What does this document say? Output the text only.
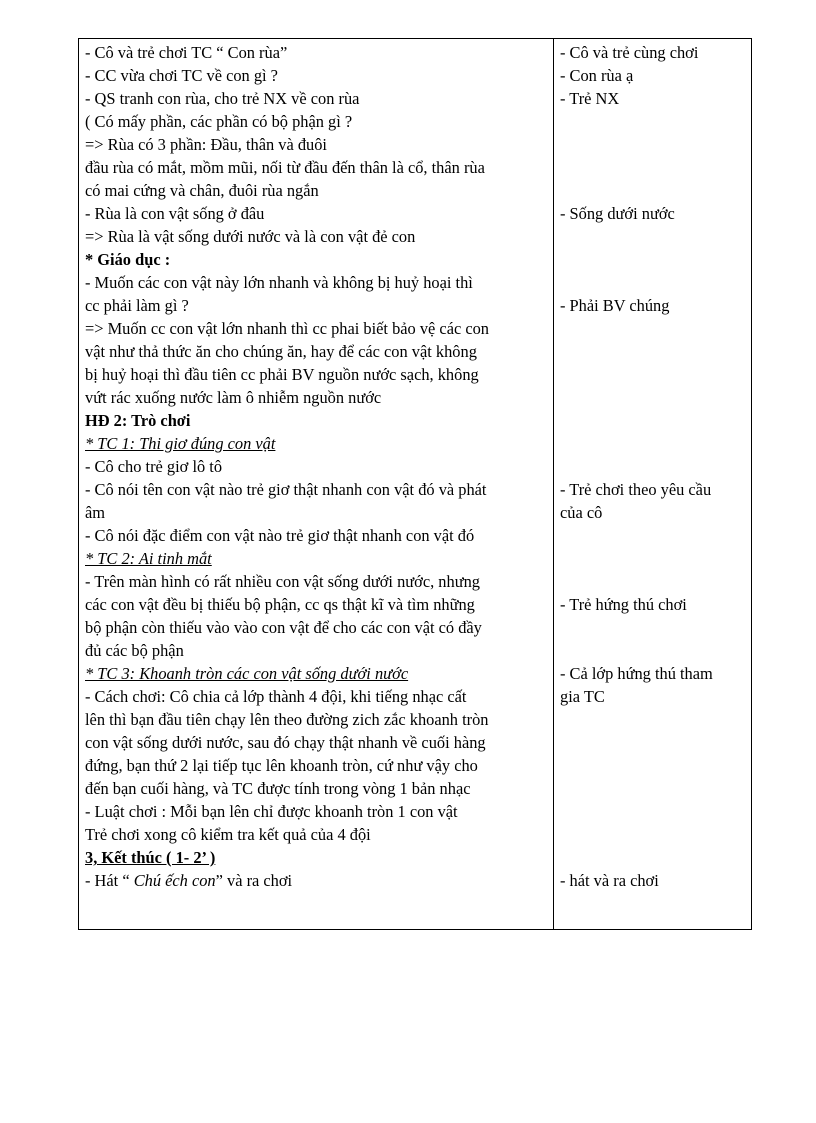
- Cô và trẻ chơi TC “ Con rùa”
- CC vừa chơi TC về con gì ?
- QS tranh con rùa, cho trẻ NX về con rùa
( Có mấy phần, các phần có bộ phận gì ?
=> Rùa có 3 phần: Đầu, thân và đuôi
đầu rùa có mắt, mồm mũi, nối từ đầu đến thân là cổ, thân rùa
có mai cứng và chân, đuôi rùa ngắn
- Rùa là con vật sống ở đâu
=> Rùa là vật sống dưới nước và là con vật đẻ con
* Giáo dục :
- Muốn các con vật này lớn nhanh và không bị huỷ hoại thì
cc phải làm gì ?
=> Muốn cc con vật lớn nhanh thì cc phai biết bảo vệ các con
vật như thả thức ăn cho chúng ăn, hay để các con vật không
bị huỷ hoại thì đầu tiên cc phải BV nguồn nước sạch, không
vứt rác xuống nước làm ô nhiễm nguồn nước
HĐ 2: Trò chơi
* TC 1: Thi giơ đúng con vật
- Cô cho trẻ giơ lô tô
- Cô nói tên con vật nào trẻ giơ thật nhanh con vật đó và phát
âm
- Cô nói đặc điểm con vật nào trẻ giơ thật nhanh con vật đó
* TC 2: Ai tinh mắt
- Trên màn hình có rất nhiều con vật sống dưới nước, nhưng
các con vật đều bị thiếu bộ phận, cc qs thật kĩ và tìm những
bộ phận còn thiếu vào vào con vật để cho các con vật có đầy
đủ các bộ phận
* TC 3: Khoanh tròn các con vật sống dưới nước
- Cách chơi: Cô chia cả lớp thành 4 đội, khi tiếng nhạc cất
lên thì bạn đầu tiên chạy lên theo đường zich zắc khoanh tròn
con vật sống dưới nước, sau đó chạy thật nhanh về cuối hàng
đứng, bạn thứ 2 lại tiếp tục lên khoanh tròn, cứ như vậy cho
đến bạn cuối hàng, và TC được tính trong vòng 1 bản nhạc
- Luật chơi : Mỗi bạn lên chỉ được khoanh tròn 1 con vật
Trẻ chơi xong cô kiểm tra kết quả của 4 đội
3, Kết thúc ( 1- 2’ )
- Hát “ Chú ếch con” và ra chơi
- Cô và trẻ cùng chơi
- Con rùa ạ
- Trẻ NX
- Sống dưới nước
- Phải BV chúng
- Trẻ chơi theo yêu cầu
của cô
- Trẻ hứng thú chơi
- Cả lớp hứng thú tham
gia TC
- hát và ra chơi
